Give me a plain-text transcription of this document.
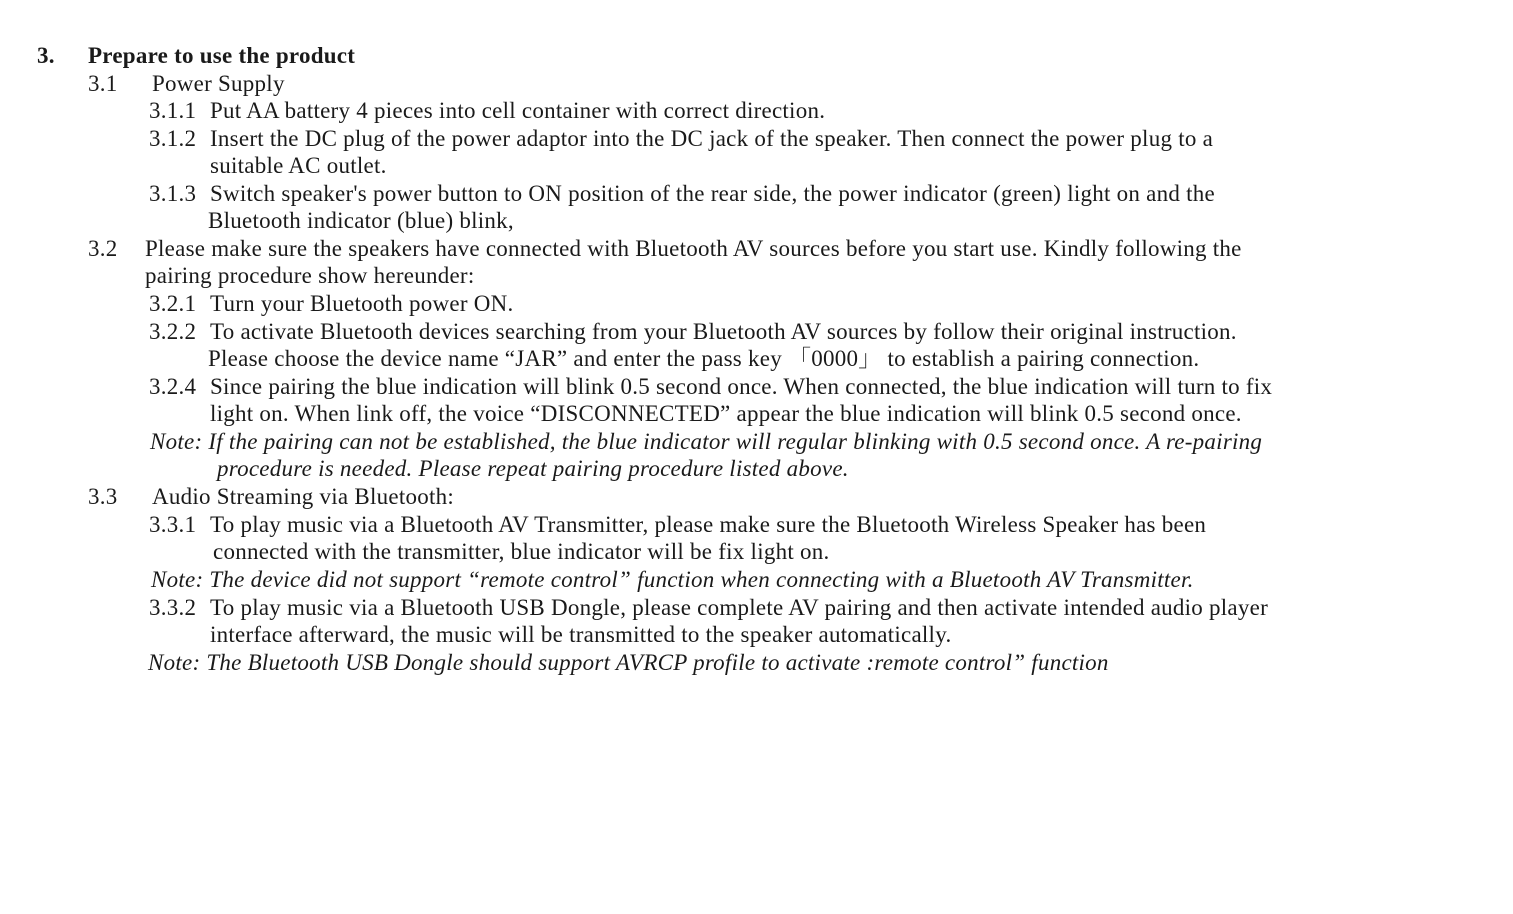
3. Prepare to use the product
3.1 Power Supply
3.1.1 Put AA battery 4 pieces into cell container with correct direction.
3.1.2 Insert the DC plug of the power adaptor into the DC jack of the speaker. Then connect the power plug to a
suitable AC outlet.
3.1.3 Switch speaker's power button to ON position of the rear side, the power indicator (green) light on and the
Bluetooth indicator (blue) blink,
3.2 Please make sure the speakers have connected with Bluetooth AV sources before you start use. Kindly following the
pairing procedure show hereunder:
3.2.1 Turn your Bluetooth power ON.
3.2.2 To activate Bluetooth devices searching from your Bluetooth AV sources by follow their original instruction.
Please choose the device name “JAR” and enter the pass key 「0000」 to establish a pairing connection.
3.2.4 Since pairing the blue indication will blink 0.5 second once. When connected, the blue indication will turn to fix
light on. When link off, the voice “DISCONNECTED” appear the blue indication will blink 0.5 second once.
Note: If the pairing can not be established, the blue indicator will regular blinking with 0.5 second once. A re-pairing
procedure is needed. Please repeat pairing procedure listed above.
3.3 Audio Streaming via Bluetooth:
3.3.1 To play music via a Bluetooth AV Transmitter, please make sure the Bluetooth Wireless Speaker has been
connected with the transmitter, blue indicator will be fix light on.
Note: The device did not support “remote control” function when connecting with a Bluetooth AV Transmitter.
3.3.2 To play music via a Bluetooth USB Dongle, please complete AV pairing and then activate intended audio player
interface afterward, the music will be transmitted to the speaker automatically.
Note: The Bluetooth USB Dongle should support AVRCP profile to activate :remote control” function
